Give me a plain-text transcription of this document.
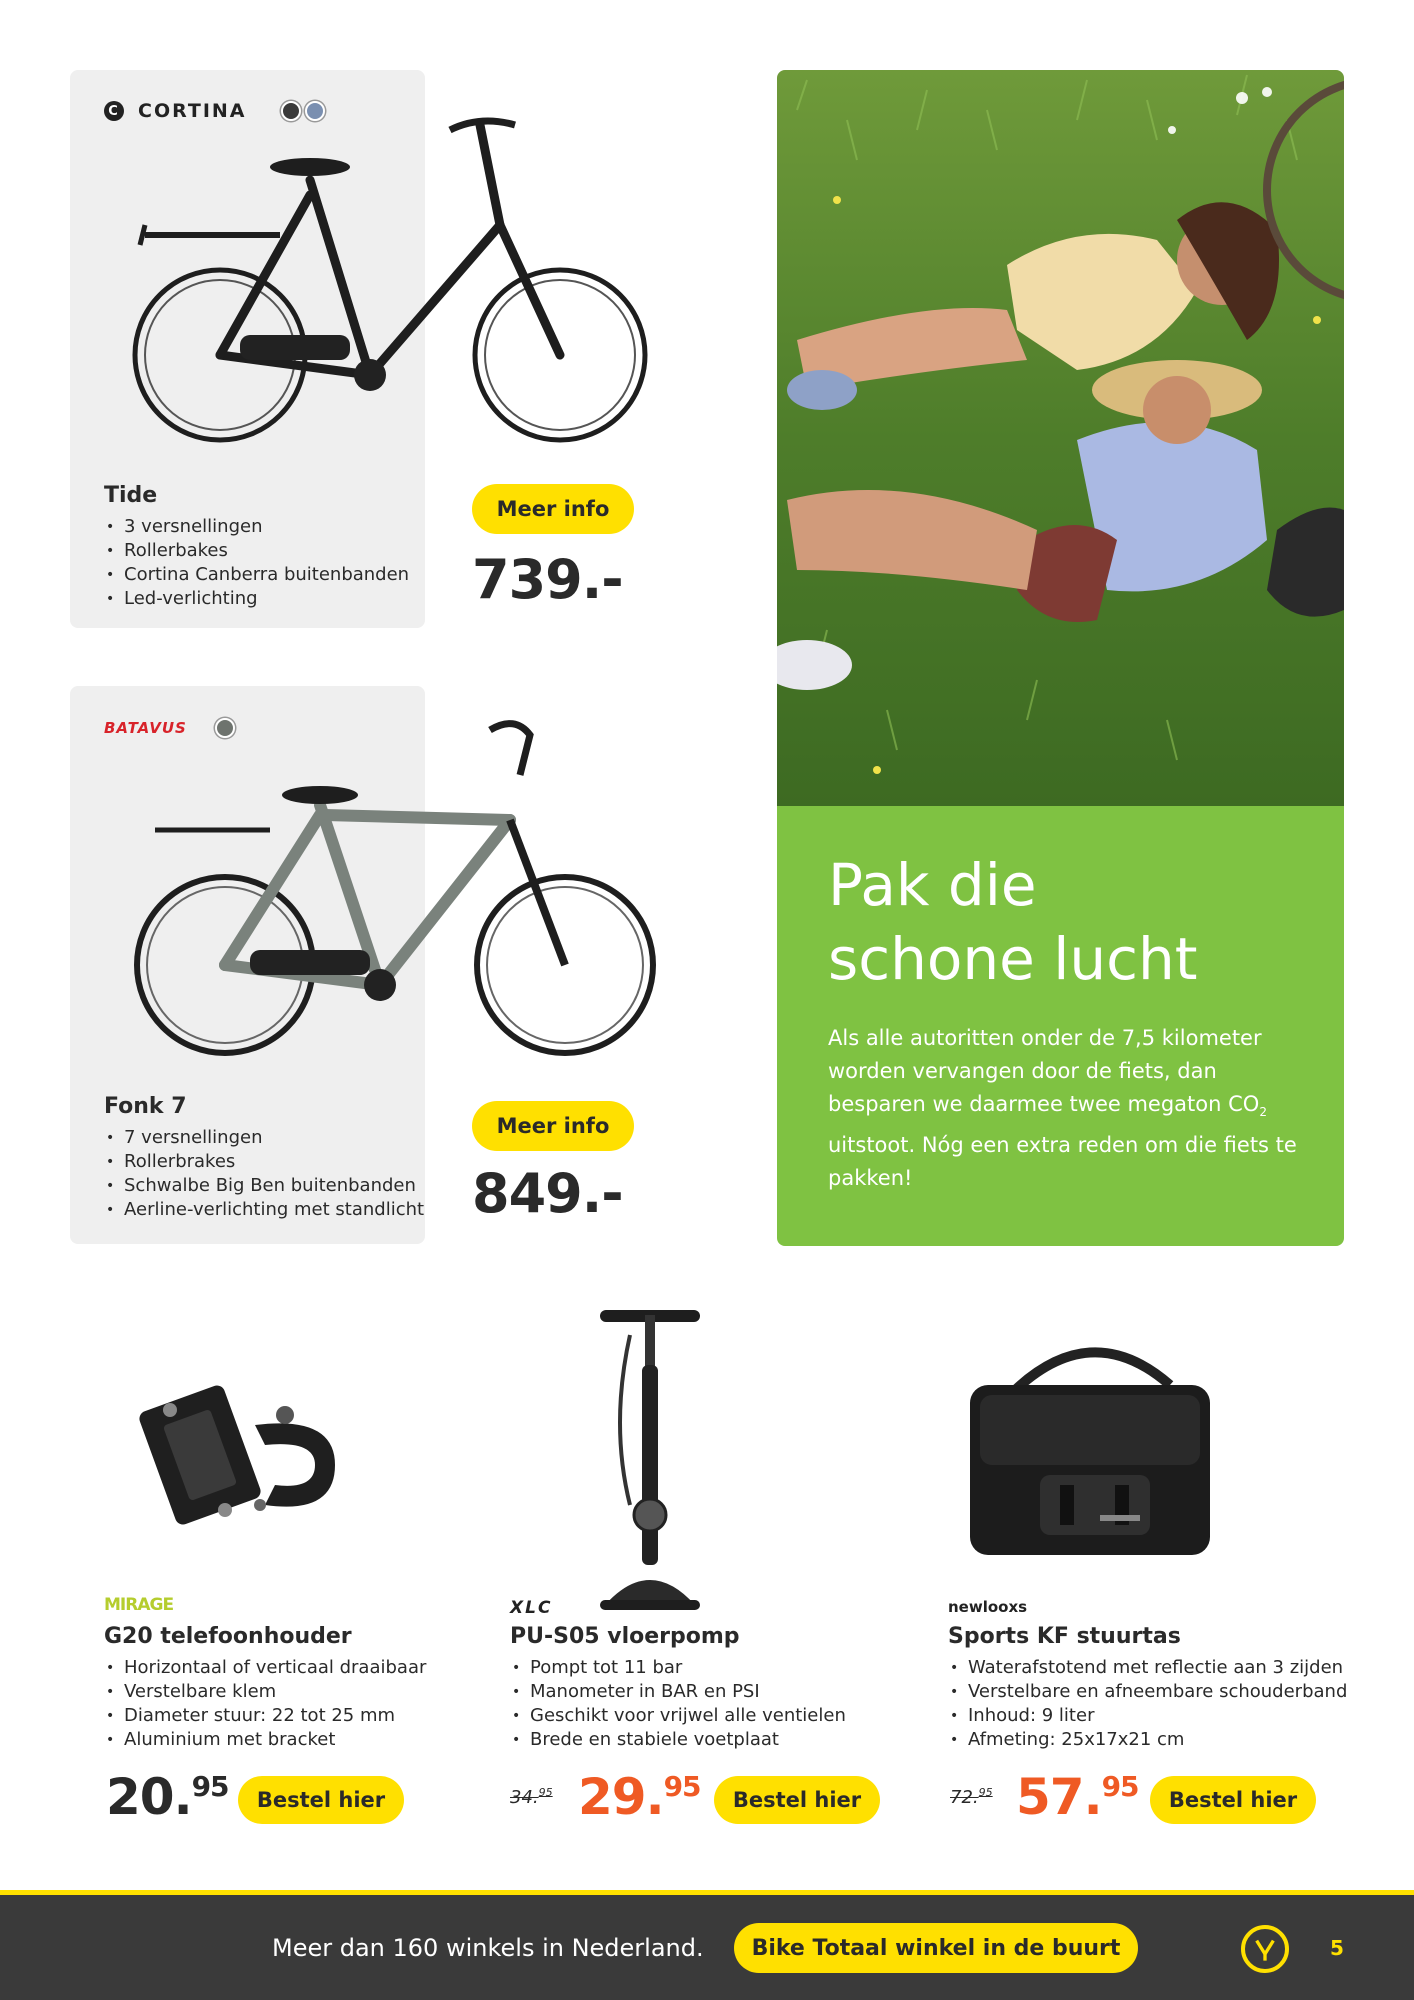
C CORTINA
Tide
• 3 versnellingen
• Rollerbakes
• Cortina Canberra buitenbanden
• Led-verlichting
Meer info
739.-
BATAVUS
Fonk 7
• 7 versnellingen
• Rollerbrakes
• Schwalbe Big Ben buitenbanden
• Aerline-verlichting met standlicht
Meer info
849.-
Pak die
schone lucht
Als alle autoritten onder de 7,5 kilometer worden vervangen door de fiets, dan besparen we daarmee twee megaton $CO_2$ uitstoot. Nóg een extra reden om die fiets te pakken!
MIRAGE
G20 telefoonhouder
• Horizontaal of verticaal draaibaar
• Verstelbare klem
• Diameter stuur: 22 tot 25 mm
• Aluminium met bracket
20. 95	Bestel hier
XLC
PU-S05 vloerpomp
• Pompt tot 11 bar
• Manometer in BAR en PSI
• Geschikt voor vrijwel alle ventielen
• Brede en stabiele voetplaat
34.95 29. 95	Bestel hier
newlooxs
Sports KF stuurtas
• Waterafstotend met reflectie aan 3 zijden
• Verstelbare en afneembare schouderband
• Inhoud: 9 liter
• Afmeting: 25x17x21 cm
72.95 57. 95	Bestel hier
Meer dan 160 winkels in Nederland.	Bike Totaal winkel in de buurt	5
